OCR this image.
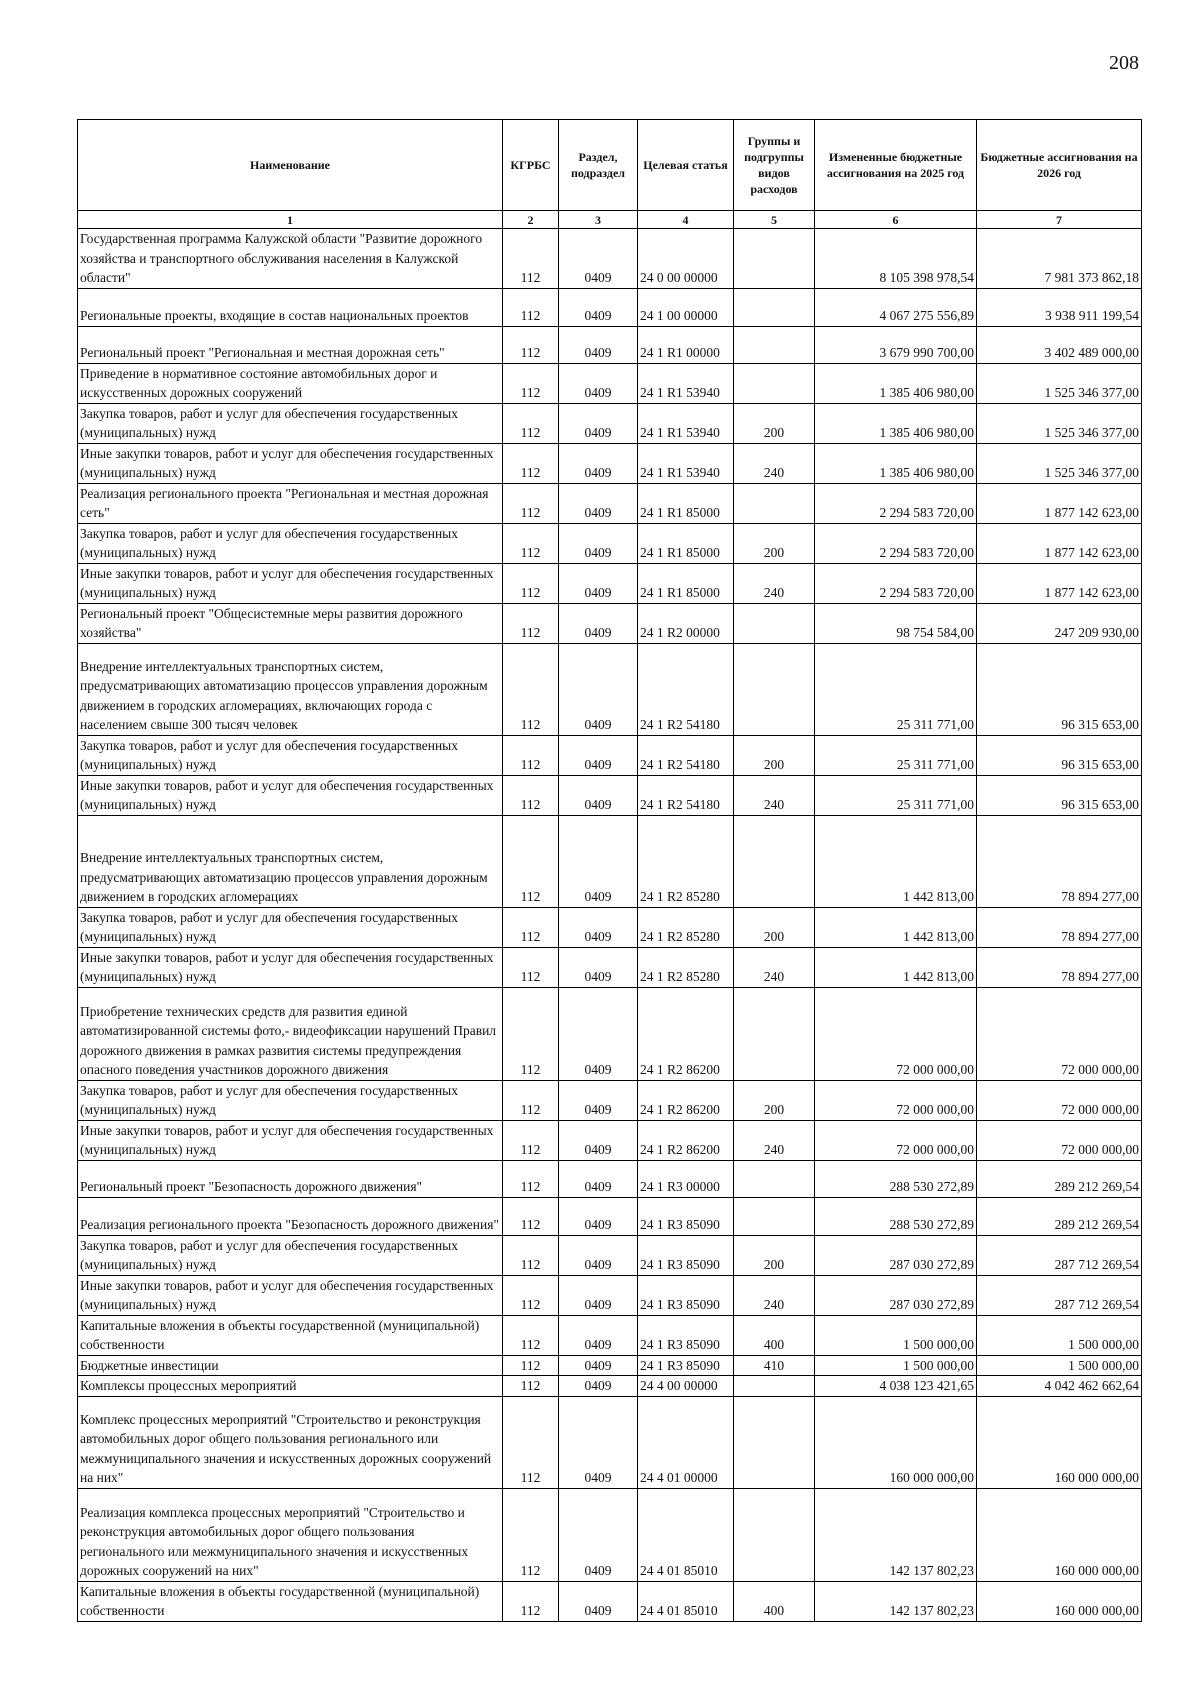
208
Наименование	КГРБС	Раздел, подраздел	Целевая статья	Группы и подгруппы видов расходов	Измененные бюджетные ассигнования на 2025 год	Бюджетные ассигнования на 2026 год
1	2	3	4	5	6	7
Государственная программа Калужской области "Развитие дорожного хозяйства и транспортного обслуживания населения в Калужской области"	112	0409	24 0 00 00000		8 105 398 978,54	7 981 373 862,18
Региональные проекты, входящие в состав национальных проектов	112	0409	24 1 00 00000		4 067 275 556,89	3 938 911 199,54
Региональный проект "Региональная и местная дорожная сеть"	112	0409	24 1 R1 00000		3 679 990 700,00	3 402 489 000,00
Приведение в нормативное состояние автомобильных дорог и искусственных дорожных сооружений	112	0409	24 1 R1 53940		1 385 406 980,00	1 525 346 377,00
Закупка товаров, работ и услуг для обеспечения государственных (муниципальных) нужд	112	0409	24 1 R1 53940	200	1 385 406 980,00	1 525 346 377,00
Иные закупки товаров, работ и услуг для обеспечения государственных (муниципальных) нужд	112	0409	24 1 R1 53940	240	1 385 406 980,00	1 525 346 377,00
Реализация регионального проекта "Региональная и местная дорожная сеть"	112	0409	24 1 R1 85000		2 294 583 720,00	1 877 142 623,00
Закупка товаров, работ и услуг для обеспечения государственных (муниципальных) нужд	112	0409	24 1 R1 85000	200	2 294 583 720,00	1 877 142 623,00
Иные закупки товаров, работ и услуг для обеспечения государственных (муниципальных) нужд	112	0409	24 1 R1 85000	240	2 294 583 720,00	1 877 142 623,00
Региональный проект "Общесистемные меры развития дорожного хозяйства"	112	0409	24 1 R2 00000		98 754 584,00	247 209 930,00
Внедрение интеллектуальных транспортных систем, предусматривающих автоматизацию процессов управления дорожным движением в городских агломерациях, включающих города с населением свыше 300 тысяч человек	112	0409	24 1 R2 54180		25 311 771,00	96 315 653,00
Закупка товаров, работ и услуг для обеспечения государственных (муниципальных) нужд	112	0409	24 1 R2 54180	200	25 311 771,00	96 315 653,00
Иные закупки товаров, работ и услуг для обеспечения государственных (муниципальных) нужд	112	0409	24 1 R2 54180	240	25 311 771,00	96 315 653,00
Внедрение интеллектуальных транспортных систем, предусматривающих автоматизацию процессов управления дорожным движением в городских агломерациях	112	0409	24 1 R2 85280		1 442 813,00	78 894 277,00
Закупка товаров, работ и услуг для обеспечения государственных (муниципальных) нужд	112	0409	24 1 R2 85280	200	1 442 813,00	78 894 277,00
Иные закупки товаров, работ и услуг для обеспечения государственных (муниципальных) нужд	112	0409	24 1 R2 85280	240	1 442 813,00	78 894 277,00
Приобретение технических средств для развития единой автоматизированной системы фото,- видеофиксации нарушений Правил дорожного движения в рамках развития системы предупреждения опасного поведения участников дорожного движения	112	0409	24 1 R2 86200		72 000 000,00	72 000 000,00
Закупка товаров, работ и услуг для обеспечения государственных (муниципальных) нужд	112	0409	24 1 R2 86200	200	72 000 000,00	72 000 000,00
Иные закупки товаров, работ и услуг для обеспечения государственных (муниципальных) нужд	112	0409	24 1 R2 86200	240	72 000 000,00	72 000 000,00
Региональный проект "Безопасность дорожного движения"	112	0409	24 1 R3 00000		288 530 272,89	289 212 269,54
Реализация регионального проекта "Безопасность дорожного движения"	112	0409	24 1 R3 85090		288 530 272,89	289 212 269,54
Закупка товаров, работ и услуг для обеспечения государственных (муниципальных) нужд	112	0409	24 1 R3 85090	200	287 030 272,89	287 712 269,54
Иные закупки товаров, работ и услуг для обеспечения государственных (муниципальных) нужд	112	0409	24 1 R3 85090	240	287 030 272,89	287 712 269,54
Капитальные вложения в объекты государственной (муниципальной) собственности	112	0409	24 1 R3 85090	400	1 500 000,00	1 500 000,00
Бюджетные инвестиции	112	0409	24 1 R3 85090	410	1 500 000,00	1 500 000,00
Комплексы процессных мероприятий	112	0409	24 4 00 00000		4 038 123 421,65	4 042 462 662,64
Комплекс процессных мероприятий "Строительство и реконструкция автомобильных дорог общего пользования регионального или межмуниципального значения и искусственных дорожных сооружений на них"	112	0409	24 4 01 00000		160 000 000,00	160 000 000,00
Реализация комплекса процессных мероприятий "Строительство и реконструкция автомобильных дорог общего пользования регионального или межмуниципального значения и искусственных дорожных сооружений на них"	112	0409	24 4 01 85010		142 137 802,23	160 000 000,00
Капитальные вложения в объекты государственной (муниципальной) собственности	112	0409	24 4 01 85010	400	142 137 802,23	160 000 000,00
